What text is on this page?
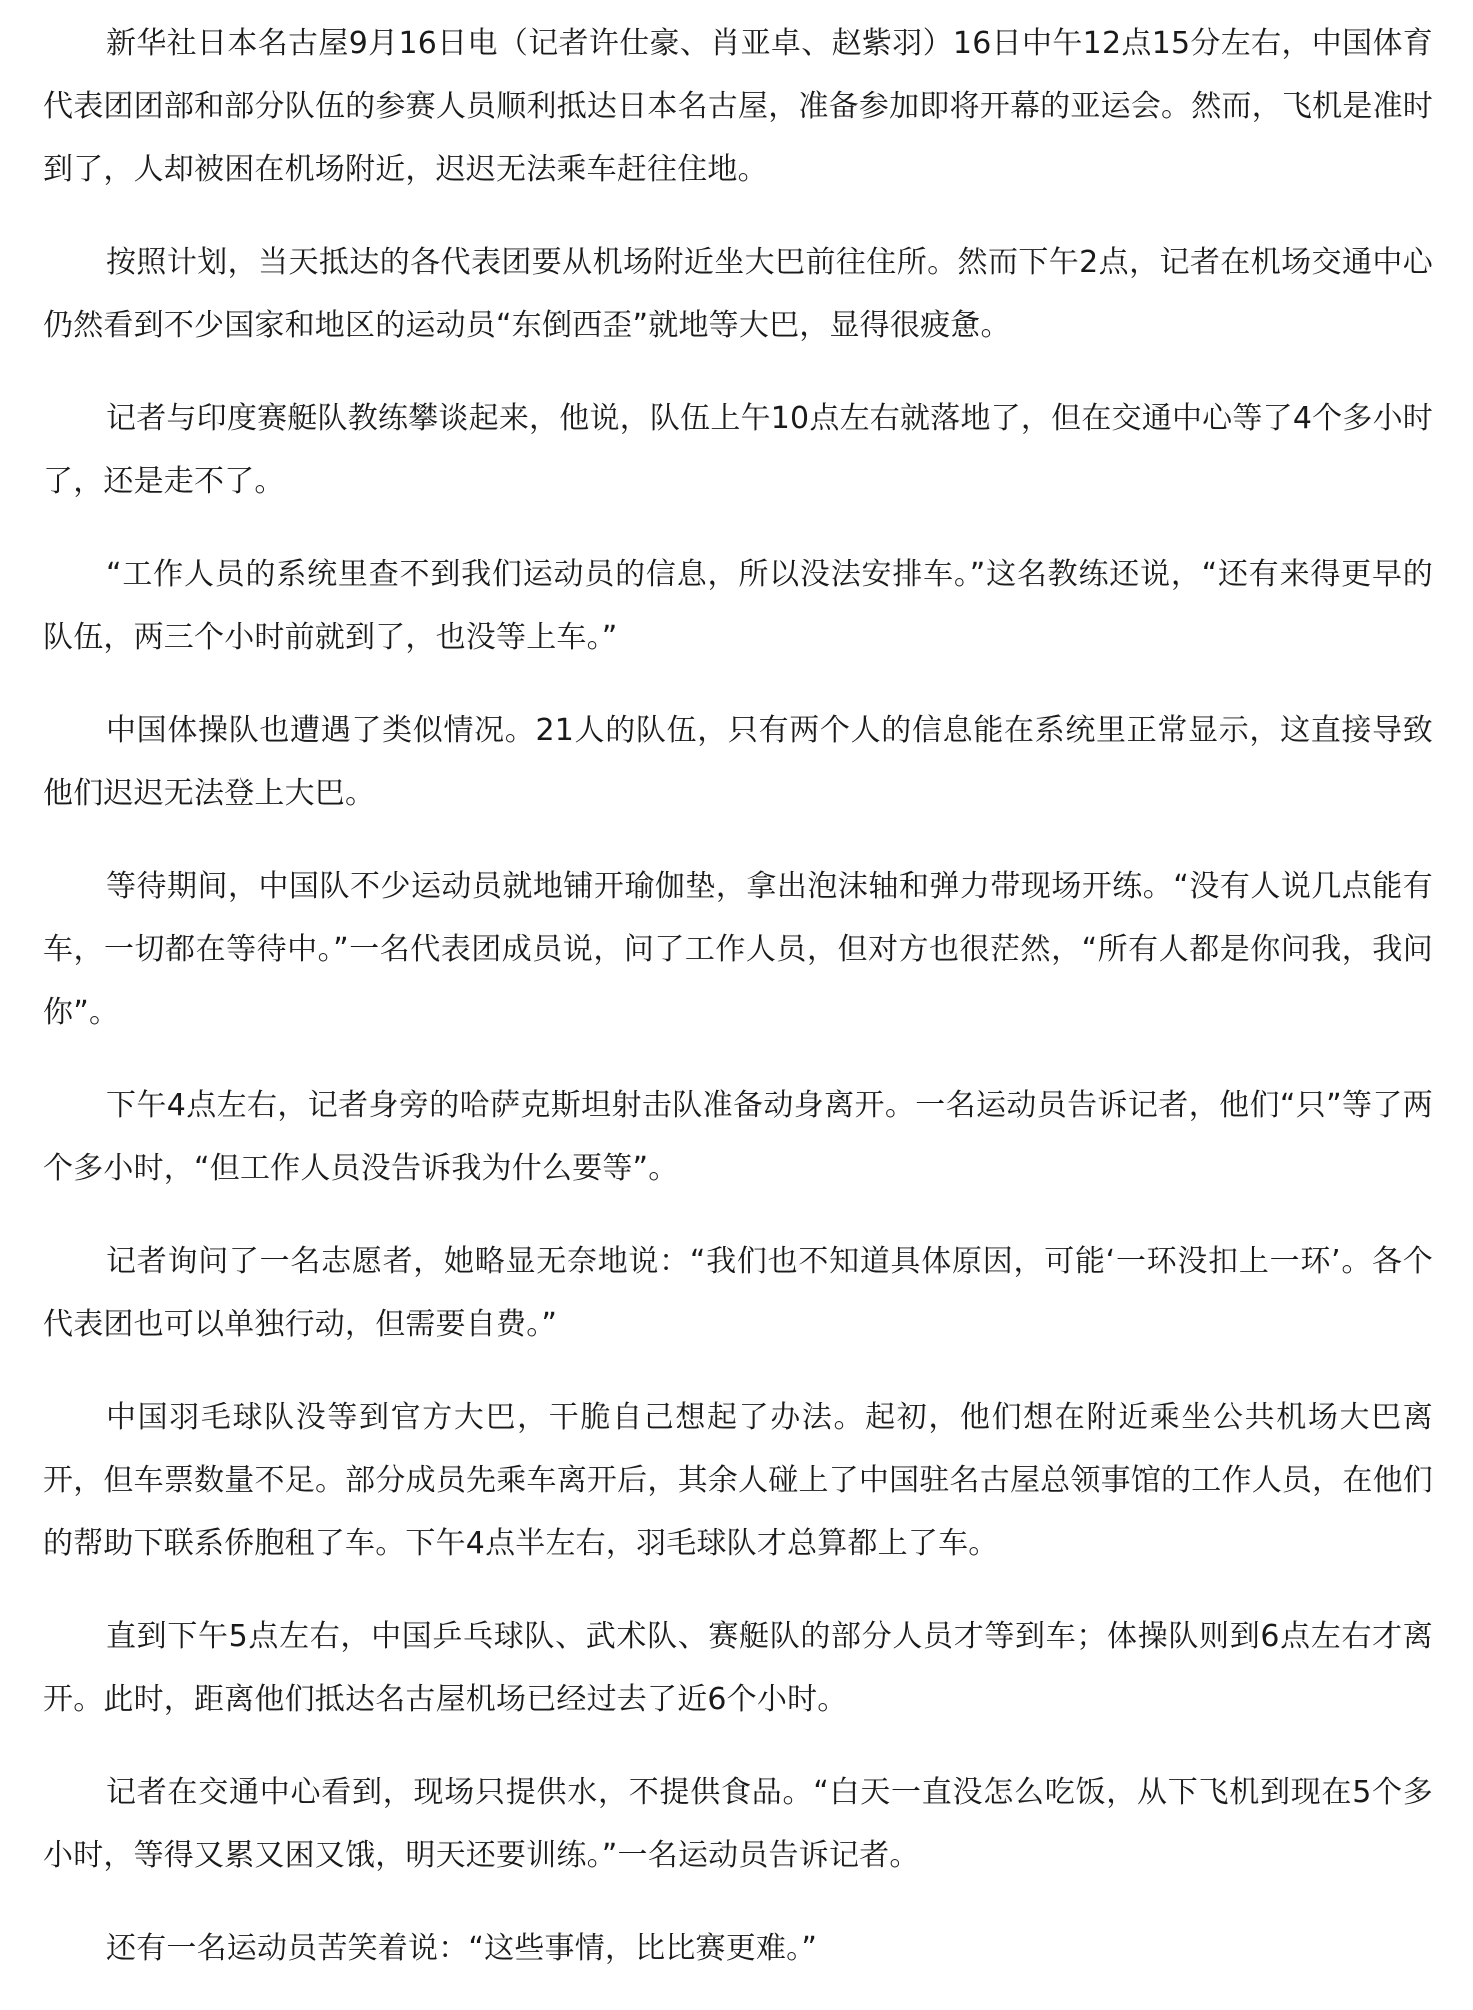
新华社日本名古屋9月16日电（记者许仕豪、肖亚卓、赵紫羽）16日中午12点15分左右，中国体育代表团团部和部分队伍的参赛人员顺利抵达日本名古屋，准备参加即将开幕的亚运会。然而，飞机是准时到了，人却被困在机场附近，迟迟无法乘车赶往住地。

按照计划，当天抵达的各代表团要从机场附近坐大巴前往住所。然而下午2点，记者在机场交通中心仍然看到不少国家和地区的运动员“东倒西歪”就地等大巴，显得很疲惫。

记者与印度赛艇队教练攀谈起来，他说，队伍上午10点左右就落地了，但在交通中心等了4个多小时了，还是走不了。

“工作人员的系统里查不到我们运动员的信息，所以没法安排车。”这名教练还说，“还有来得更早的队伍，两三个小时前就到了，也没等上车。”

中国体操队也遭遇了类似情况。21人的队伍，只有两个人的信息能在系统里正常显示，这直接导致他们迟迟无法登上大巴。

等待期间，中国队不少运动员就地铺开瑜伽垫，拿出泡沫轴和弹力带现场开练。“没有人说几点能有车，一切都在等待中。”一名代表团成员说，问了工作人员，但对方也很茫然，“所有人都是你问我，我问你”。

下午4点左右，记者身旁的哈萨克斯坦射击队准备动身离开。一名运动员告诉记者，他们“只”等了两个多小时，“但工作人员没告诉我为什么要等”。

记者询问了一名志愿者，她略显无奈地说：“我们也不知道具体原因，可能‘一环没扣上一环’。各个代表团也可以单独行动，但需要自费。”

中国羽毛球队没等到官方大巴，干脆自己想起了办法。起初，他们想在附近乘坐公共机场大巴离开，但车票数量不足。部分成员先乘车离开后，其余人碰上了中国驻名古屋总领事馆的工作人员，在他们的帮助下联系侨胞租了车。下午4点半左右，羽毛球队才总算都上了车。

直到下午5点左右，中国乒乓球队、武术队、赛艇队的部分人员才等到车；体操队则到6点左右才离开。此时，距离他们抵达名古屋机场已经过去了近6个小时。

记者在交通中心看到，现场只提供水，不提供食品。“白天一直没怎么吃饭，从下飞机到现在5个多小时，等得又累又困又饿，明天还要训练。”一名运动员告诉记者。

还有一名运动员苦笑着说：“这些事情，比比赛更难。”
